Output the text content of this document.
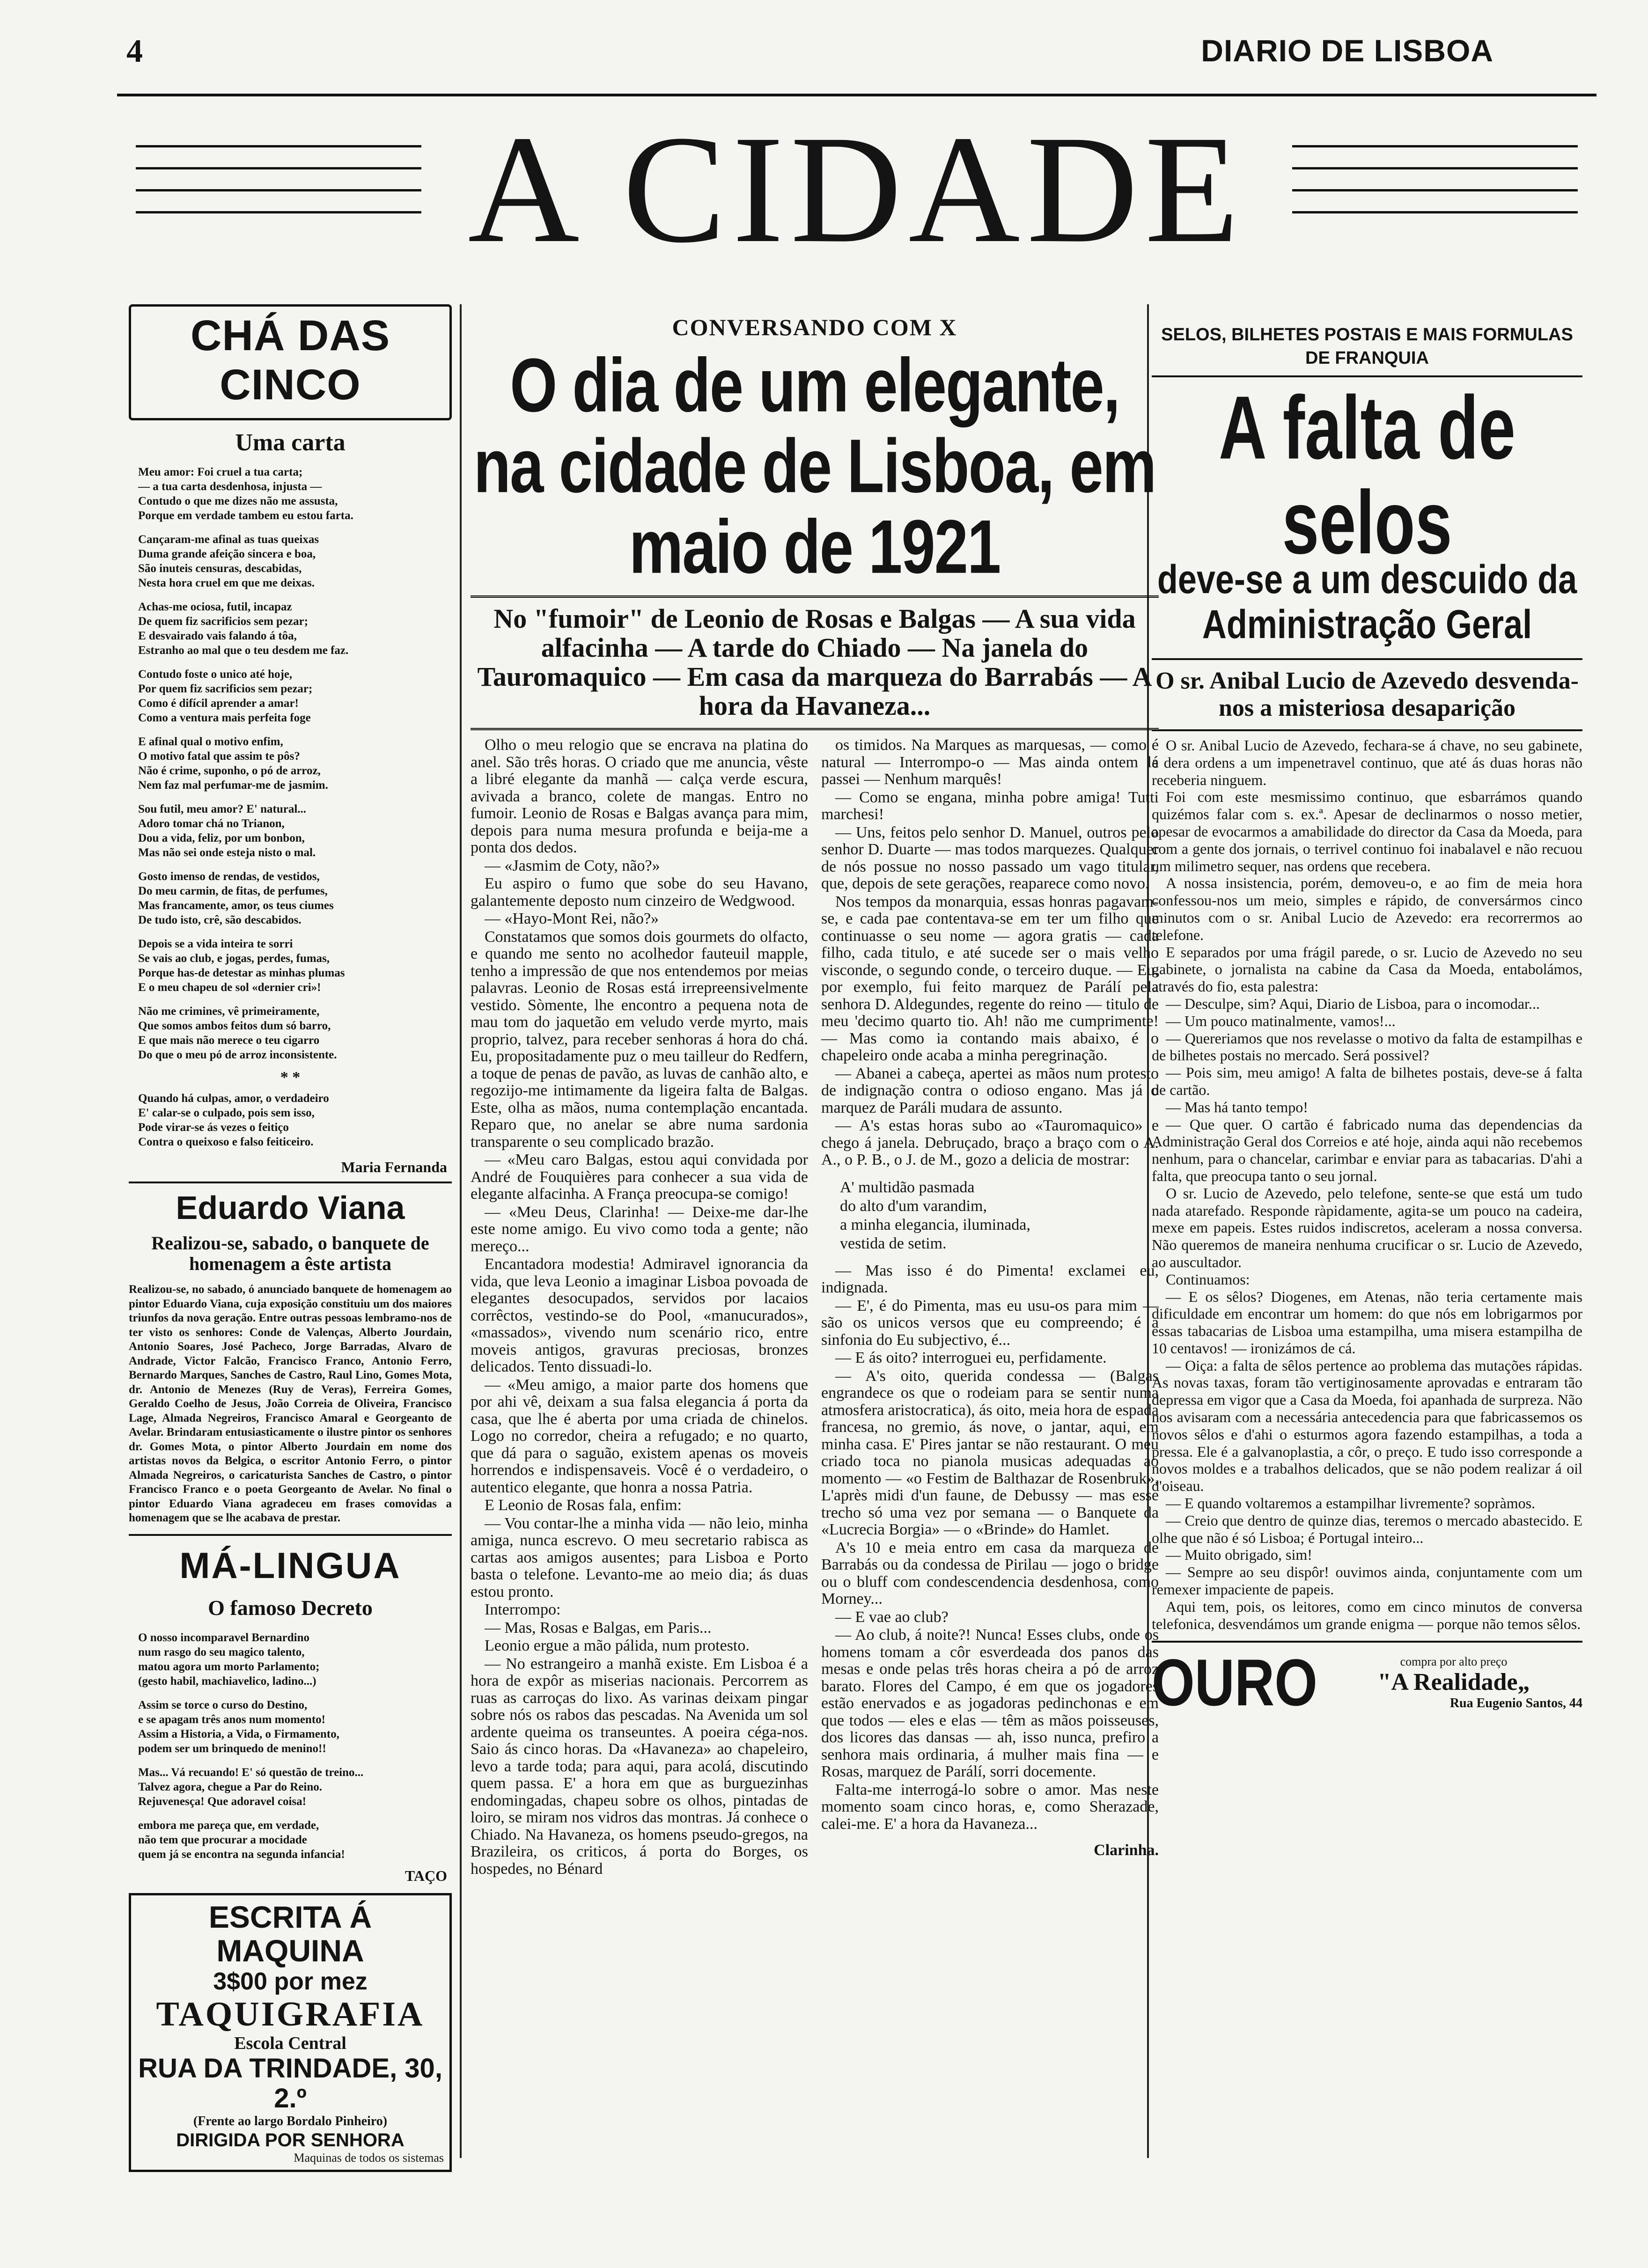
4	DIARIO DE LISBOA
A CIDADE
CHÁ DAS CINCO
Uma carta

Meu amor: Foi cruel a tua carta;
— a tua carta desdenhosa, injusta —
Contudo o que me dizes não me assusta,
Porque em verdade tambem eu estou farta.

Cançaram-me afinal as tuas queixas
Duma grande afeição sincera e boa,
São inuteis censuras, descabidas,
Nesta hora cruel em que me deixas.

Achas-me ociosa, futil, incapaz
De quem fiz sacrificios sem pezar;
E desvairado vais falando á tôa,
Estranho ao mal que o teu desdem me faz.

Contudo foste o unico até hoje,
Por quem fiz sacrificios sem pezar;
Como é difícil aprender a amar!
Como a ventura mais perfeita foge

E afinal qual o motivo enfim,
O motivo fatal que assim te pôs?
Não é crime, suponho, o pó de arroz,
Nem faz mal perfumar-me de jasmim.

Sou futil, meu amor? E' natural...
Adoro tomar chá no Trianon,
Dou a vida, feliz, por um bonbon,
Mas não sei onde esteja nisto o mal.

Gosto imenso de rendas, de vestidos,
Do meu carmin, de fitas, de perfumes,
Mas francamente, amor, os teus ciumes
De tudo isto, crê, são descabidos.

Depois se a vida inteira te sorri
Se vais ao club, e jogas, perdes, fumas,
Porque has-de detestar as minhas plumas
E o meu chapeu de sol «dernier cri»!

Não me crimines, vê primeiramente,
Que somos ambos feitos dum só barro,
E que mais não merece o teu cigarro
Do que o meu pó de arroz inconsistente.

* *

Quando há culpas, amor, o verdadeiro
E' calar-se o culpado, pois sem isso,
Pode virar-se ás vezes o feitiço
Contra o queixoso e falso feiticeiro.

Maria Fernanda
Eduardo Viana
Realizou-se, sabado, o banquete de homenagem a êste artista

Realizou-se, no sabado, ó anunciado banquete de homenagem ao pintor Eduardo Viana, cuja exposição constituiu um dos maiores triunfos da nova geração. Entre outras pessoas lembramo-nos de ter visto os senhores: Conde de Valenças, Alberto Jourdain, Antonio Soares, José Pacheco, Jorge Barradas, Alvaro de Andrade, Victor Falcão, Francisco Franco, Antonio Ferro, Bernardo Marques, Sanches de Castro, Raul Lino, Gomes Mota, dr. Antonio de Menezes (Ruy de Veras), Ferreira Gomes, Geraldo Coelho de Jesus, João Correia de Oliveira, Francisco Lage, Almada Negreiros, Francisco Amaral e Georgeanto de Avelar. Brindaram entusiasticamente o ilustre pintor os senhores dr. Gomes Mota, o pintor Alberto Jourdain em nome dos artistas novos da Belgica, o escritor Antonio Ferro, o pintor Almada Negreiros, o caricaturista Sanches de Castro, o pintor Francisco Franco e o poeta Georgeanto de Avelar. No final o pintor Eduardo Viana agradeceu em frases comovidas a homenagem que se lhe acabava de prestar.

MÁ-LINGUA
O famoso Decreto

O nosso incomparavel Bernardino
num rasgo do seu magico talento,
matou agora um morto Parlamento;
(gesto habil, machiavelico, ladino...)

Assim se torce o curso do Destino,
e se apagam três anos num momento!
Assim a Historia, a Vida, o Firmamento,
podem ser um brinquedo de menino!!

Mas... Vá recuando! E' só questão de treino...
Talvez agora, chegue a Par do Reino.
Rejuvenesça! Que adoravel coisa!

embora me pareça que, em verdade,
não tem que procurar a mocidade
quem já se encontra na segunda infancia!

TAÇO
ESCRITA Á MAQUINA
3$00 por mez
TAQUIGRAFIA
Escola Central
RUA DA TRINDADE, 30, 2.º
(Frente ao largo Bordalo Pinheiro)
DIRIGIDA POR SENHORA
Maquinas de todos os sistemas
CONVERSANDO COM X
O dia de um elegante, na cidade de Lisboa, em maio de 1921
No "fumoir" de Leonio de Rosas e Balgas — A sua vida alfacinha — A tarde do Chiado — Na janela do Tauromaquico — Em casa da marqueza do Barrabás — A hora da Havaneza...

Olho o meu relogio que se encrava na platina do anel. São três horas. O criado que me anuncia, vêste a libré elegante da manhã — calça verde escura, avivada a branco, colete de mangas. Entro no fumoir. Leonio de Rosas e Balgas avança para mim, depois para numa mesura profunda e beija-me a ponta dos dedos.

— «Jasmim de Coty, não?»

Eu aspiro o fumo que sobe do seu Havano, galantemente deposto num cinzeiro de Wedgwood.

— «Hayo-Mont Rei, não?»

Constatamos que somos dois gourmets do olfacto, e quando me sento no acolhedor fauteuil mapple, tenho a impressão de que nos entendemos por meias palavras. Leonio de Rosas está irrepreensivelmente vestido. Sòmente, lhe encontro a pequena nota de mau tom do jaquetão em veludo verde myrto, mais proprio, talvez, para receber senhoras á hora do chá. Eu, propositadamente puz o meu tailleur do Redfern, a toque de penas de pavão, as luvas de canhão alto, e regozijo-me intimamente da ligeira falta de Balgas. Este, olha as mãos, numa contemplação encantada. Reparo que, no anelar se abre numa sardonia transparente o seu complicado brazão.

— «Meu caro Balgas, estou aqui convidada por André de Fouquières para conhecer a sua vida de elegante alfacinha. A França preocupa-se comigo!

— «Meu Deus, Clarinha! — Deixe-me dar-lhe este nome amigo. Eu vivo como toda a gente; não mereço...

Encantadora modestia! Admiravel ignorancia da vida, que leva Leonio a imaginar Lisboa povoada de elegantes desocupados, servidos por lacaios corrêctos, vestindo-se do Pool, «manucurados», «massados», vivendo num scenário rico, entre moveis antigos, gravuras preciosas, bronzes delicados. Tento dissuadi-lo.

— «Meu amigo, a maior parte dos homens que por ahi vê, deixam a sua falsa elegancia á porta da casa, que lhe é aberta por uma criada de chinelos. Logo no corredor, cheira a refugado; e no quarto, que dá para o saguão, existem apenas os moveis horrendos e indispensaveis. Você é o verdadeiro, o autentico elegante, que honra a nossa Patria.

E Leonio de Rosas fala, enfim:

— Vou contar-lhe a minha vida — não leio, minha amiga, nunca escrevo. O meu secretario rabisca as cartas aos amigos ausentes; para Lisboa e Porto basta o telefone. Levanto-me ao meio dia; ás duas estou pronto.

Interrompo:

— Mas, Rosas e Balgas, em Paris...

Leonio ergue a mão pálida, num protesto.

— No estrangeiro a manhã existe. Em Lisboa é a hora de expôr as miserias nacionais. Percorrem as ruas as carroças do lixo. As varinas deixam pingar sobre nós os rabos das pescadas. Na Avenida um sol ardente queima os transeuntes. A poeira céga-nos. Saio ás cinco horas. Da «Havaneza» ao chapeleiro, levo a tarde toda; para aqui, para acolá, discutindo quem passa. E' a hora em que as burguezinhas endomingadas, chapeu sobre os olhos, pintadas de loiro, se miram nos vidros das montras. Já conhece o Chiado. Na Havaneza, os homens pseudo-gregos, na Brazileira, os criticos, á porta do Borges, os hospedes, no Bénard

os timidos. Na Marques as marquesas, — como é natural — Interrompo-o — Mas ainda ontem lá passei — Nenhum marquês!

— Como se engana, minha pobre amiga! Tutti marchesi!

— Uns, feitos pelo senhor D. Manuel, outros pelo senhor D. Duarte — mas todos marquezes. Qualquer de nós possue no nosso passado um vago titular, que, depois de sete gerações, reaparece como novo.

Nos tempos da monarquia, essas honras pagavam-se, e cada pae contentava-se em ter um filho que continuasse o seu nome — agora gratis — cada filho, cada titulo, e até sucede ser o mais velho visconde, o segundo conde, o terceiro duque. — Eu, por exemplo, fui feito marquez de Parálí pela senhora D. Aldegundes, regente do reino — titulo de meu 'decimo quarto tio. Ah! não me cumprimente! — Mas como ia contando mais abaixo, é o chapeleiro onde acaba a minha peregrinação.

— Abanei a cabeça, apertei as mãos num protesto de indignação contra o odioso engano. Mas já o marquez de Paráli mudara de assunto.

— A's estas horas subo ao «Tauromaquico» e chego á janela. Debruçado, braço a braço com o A. A., o P. B., o J. de M., gozo a delicia de mostrar:

A' multidão pasmada
do alto d'um varandim,
a minha elegancia, iluminada,
vestida de setim.

— Mas isso é do Pimenta! exclamei eu, indignada.

— E', é do Pimenta, mas eu usu-os para mim — são os unicos versos que eu compreendo; é a sinfonia do Eu subjectivo, é...

— E ás oito? interroguei eu, perfidamente.

— A's oito, querida condessa — (Balgas engrandece os que o rodeiam para se sentir numa atmosfera aristocratica), ás oito, meia hora de espada francesa, no gremio, ás nove, o jantar, aqui, em minha casa. E' Pires jantar se não restaurant. O meu criado toca no pianola musicas adequadas ao momento — «o Festim de Balthazar de Rosenbruk», L'après midi d'un faune, de Debussy — mas esse trecho só uma vez por semana — o Banquete da «Lucrecia Borgia» — o «Brinde» do Hamlet.

A's 10 e meia entro em casa da marqueza de Barrabás ou da condessa de Pirilau — jogo o bridge ou o bluff com condescendencia desdenhosa, como Morney...

— E vae ao club?

— Ao club, á noite?! Nunca! Esses clubs, onde os homens tomam a côr esverdeada dos panos das mesas e onde pelas três horas cheira a pó de arroz barato. Flores del Campo, é em que os jogadores estão enervados e as jogadoras pedinchonas e em que todos — eles e elas — têm as mãos poisseuses, dos licores das dansas — ah, isso nunca, prefiro a senhora mais ordinaria, á mulher mais fina — e Rosas, marquez de Parálí, sorri docemente.

Falta-me interrogá-lo sobre o amor. Mas neste momento soam cinco horas, e, como Sherazade, calei-me. E' a hora da Havaneza...

Clarinha.
SELOS, BILHETES POSTAIS E MAIS FORMULAS DE FRANQUIA
A falta de selos
deve-se a um descuido da Administração Geral
O sr. Anibal Lucio de Azevedo desvenda-nos a misteriosa desaparição

O sr. Anibal Lucio de Azevedo, fechara-se á chave, no seu gabinete, e dera ordens a um impenetravel continuo, que até ás duas horas não receberia ninguem.

Foi com este mesmissimo continuo, que esbarrámos quando quizémos falar com s. ex.ª. Apesar de declinarmos o nosso metier, apesar de evocarmos a amabilidade do director da Casa da Moeda, para com a gente dos jornais, o terrivel continuo foi inabalavel e não recuou um milimetro sequer, nas ordens que recebera.

A nossa insistencia, porém, demoveu-o, e ao fim de meia hora confessou-nos um meio, simples e rápido, de conversármos cinco minutos com o sr. Anibal Lucio de Azevedo: era recorrermos ao telefone.

E separados por uma frágil parede, o sr. Lucio de Azevedo no seu gabinete, o jornalista na cabine da Casa da Moeda, entabolámos, através do fio, esta palestra:

— Desculpe, sim? Aqui, Diario de Lisboa, para o incomodar...

— Um pouco matinalmente, vamos!...

— Quereriamos que nos revelasse o motivo da falta de estampilhas e de bilhetes postais no mercado. Será possivel?

— Pois sim, meu amigo! A falta de bilhetes postais, deve-se á falta de cartão.

— Mas há tanto tempo!

— Que quer. O cartão é fabricado numa das dependencias da Administração Geral dos Correios e até hoje, ainda aqui não recebemos nenhum, para o chancelar, carimbar e enviar para as tabacarias. D'ahi a falta, que preocupa tanto o seu jornal.

O sr. Lucio de Azevedo, pelo telefone, sente-se que está um tudo nada atarefado. Responde ràpidamente, agita-se um pouco na cadeira, mexe em papeis. Estes ruidos indiscretos, aceleram a nossa conversa. Não queremos de maneira nenhuma crucificar o sr. Lucio de Azevedo, ao auscultador.

Continuamos:

— E os sêlos? Diogenes, em Atenas, não teria certamente mais dificuldade em encontrar um homem: do que nós em lobrigarmos por essas tabacarias de Lisboa uma estampilha, uma misera estampilha de 10 centavos! — ironizámos de cá.

— Oiça: a falta de sêlos pertence ao problema das mutações rápidas. As novas taxas, foram tão vertiginosamente aprovadas e entraram tão depressa em vigor que a Casa da Moeda, foi apanhada de surpreza. Não nos avisaram com a necessária antecedencia para que fabricassemos os novos sêlos e d'ahi o esturmos agora fazendo estampilhas, a toda a pressa. Ele é a galvanoplastia, a côr, o preço. E tudo isso corresponde a novos moldes e a trabalhos delicados, que se não podem realizar á oil d'oiseau.

— E quando voltaremos a estampilhar livremente? sopràmos.

— Creio que dentro de quinze dias, teremos o mercado abastecido. E olhe que não é só Lisboa; é Portugal inteiro...

— Muito obrigado, sim!

— Sempre ao seu dispôr! ouvimos ainda, conjuntamente com um remexer impaciente de papeis.

Aqui tem, pois, os leitores, como em cinco minutos de conversa telefonica, desvendámos um grande enigma — porque não temos sêlos.

OURO	compra por alto preço
"A Realidade„
Rua Eugenio Santos, 44
